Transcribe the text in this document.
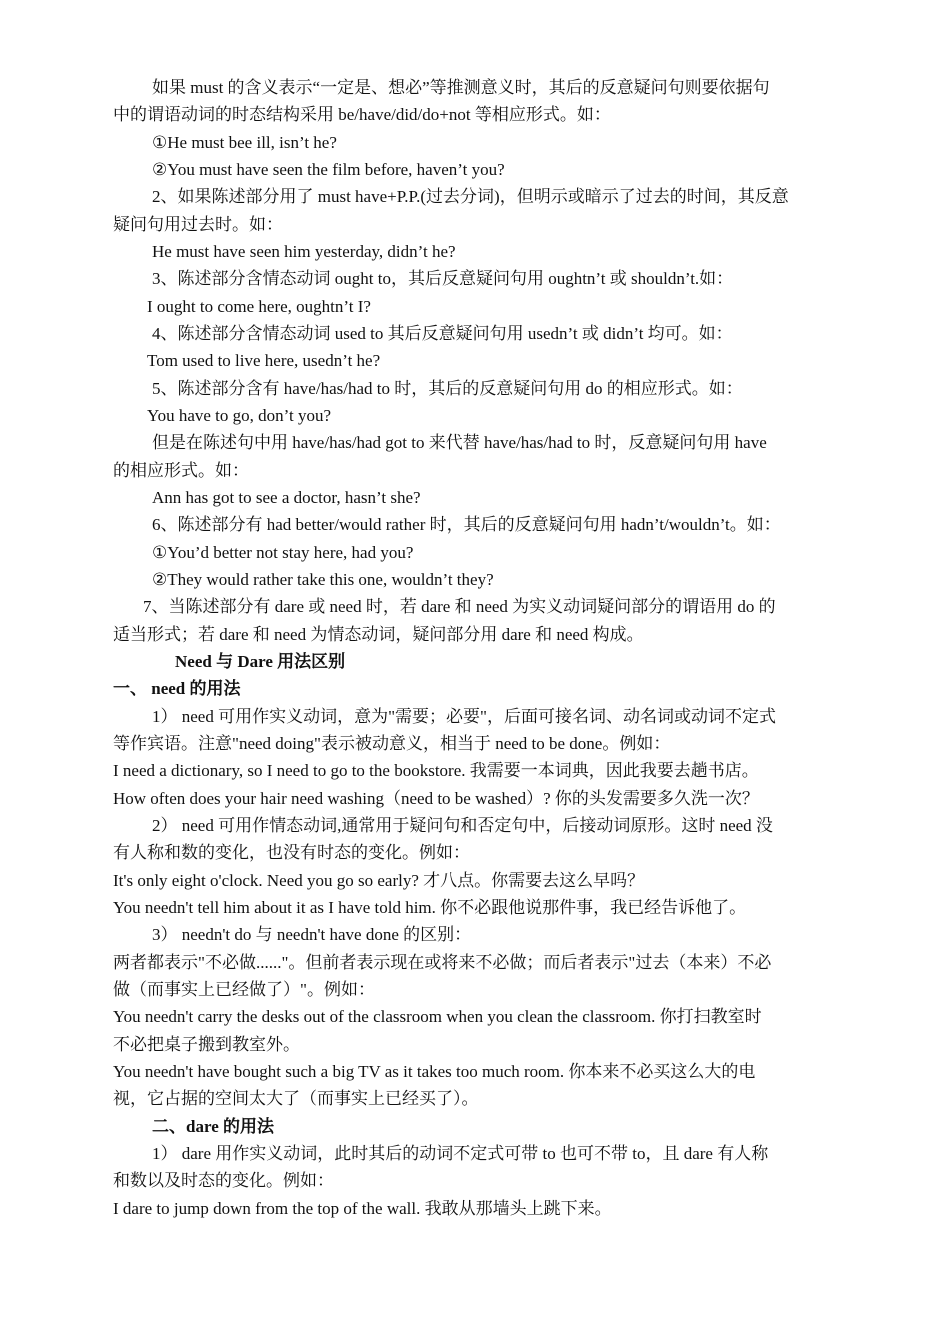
如果 must 的含义表示“一定是、想必”等推测意义时，其后的反意疑问句则要依据句
中的谓语动词的时态结构采用 be/have/did/do+not 等相应形式。如：
①He must bee ill, isn’t he?
②You must have seen the film before, haven’t you?
2、如果陈述部分用了 must have+P.P.(过去分词)，但明示或暗示了过去的时间，其反意
疑问句用过去时。如：
He must have seen him yesterday, didn’t he?
3、陈述部分含情态动词 ought to，其后反意疑问句用 oughtn’t 或 shouldn’t.如：
I ought to come here, oughtn’t I?
4、陈述部分含情态动词 used to 其后反意疑问句用 usedn’t 或 didn’t 均可。如：
Tom used to live here, usedn’t he?
5、陈述部分含有 have/has/had to 时，其后的反意疑问句用 do 的相应形式。如：
You have to go, don’t you?
但是在陈述句中用 have/has/had got to 来代替 have/has/had to 时，反意疑问句用 have
的相应形式。如：
Ann has got to see a doctor, hasn’t she?
6、陈述部分有 had better/would rather 时，其后的反意疑问句用 hadn’t/wouldn’t。如：
①You’d better not stay here, had you?
②They would rather take this one, wouldn’t they?
7、当陈述部分有 dare 或 need 时，若 dare 和 need 为实义动词疑问部分的谓语用 do 的
适当形式；若 dare 和 need 为情态动词，疑问部分用 dare 和 need 构成。
Need 与 Dare 用法区别
一、 need 的用法
1） need 可用作实义动词，意为"需要；必要"，后面可接名词、动名词或动词不定式
等作宾语。注意"need doing"表示被动意义，相当于 need to be done。例如：
I need a dictionary, so I need to go to the bookstore. 我需要一本词典，因此我要去趟书店。
How often does your hair need washing（need to be washed）? 你的头发需要多久洗一次？
2） need 可用作情态动词,通常用于疑问句和否定句中，后接动词原形。这时 need 没
有人称和数的变化，也没有时态的变化。例如：
It's only eight o'clock. Need you go so early? 才八点。你需要去这么早吗？
You needn't tell him about it as I have told him. 你不必跟他说那件事，我已经告诉他了。
3） needn't do 与 needn't have done 的区别：
两者都表示"不必做......"。但前者表示现在或将来不必做；而后者表示"过去（本来）不必
做（而事实上已经做了）"。例如：
You needn't carry the desks out of the classroom when you clean the classroom. 你打扫教室时
不必把桌子搬到教室外。
You needn't have bought such a big TV as it takes too much room. 你本来不必买这么大的电
视，它占据的空间太大了（而事实上已经买了）。
二、dare 的用法
1） dare 用作实义动词，此时其后的动词不定式可带 to 也可不带 to，且 dare 有人称
和数以及时态的变化。例如：
I dare to jump down from the top of the wall. 我敢从那墙头上跳下来。
